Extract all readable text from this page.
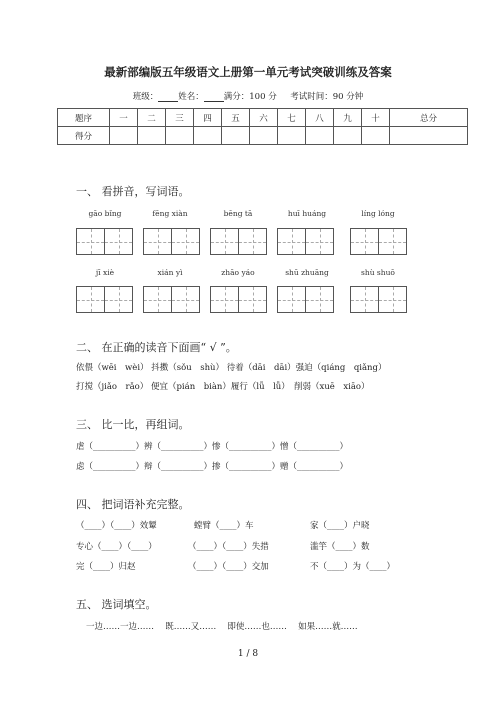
最新部编版五年级语文上册第一单元考试突破训练及答案
班级： 姓名： 满分：100 分 考试时间：90 分钟
题序	一	二	三	四	五	六	七	八	九	十	总分
得分											
一、 看拼音，写词语。
gāo bǐng	fēng xiàn	bēng tā	huī huáng	líng lóng
jī xiè	xián yì	zhāo yáo	shū zhuāng	shù shuō
二、 在正确的读音下面画“ √ ”。
依偎（wēi　wèi） 抖擞（sǒu　shù） 待着（dāi　dāi）强迫（qiáng　qiǎng）
打搅（jiǎo　rǎo） 便宜（pián　biàn）履行（lǚ　lǚ）　削弱（xuē　xiāo）
三、 比一比，再组词。
虐（__________）辨（__________）惨（__________）憎（__________）
虑（__________）辩（__________）掺（__________）赠（__________）
四、 把词语补充完整。
（____）（____）效颦	螳臂（____）车	家（____）户晓
专心（____）（____）	（____）（____）失措	滥竽（____）数
完（____）归赵	（____）（____）交加	不（____）为（____）
五、 选词填空。
一边……一边……　 既……又……　 即使……也……　 如果……就……
1 / 8
